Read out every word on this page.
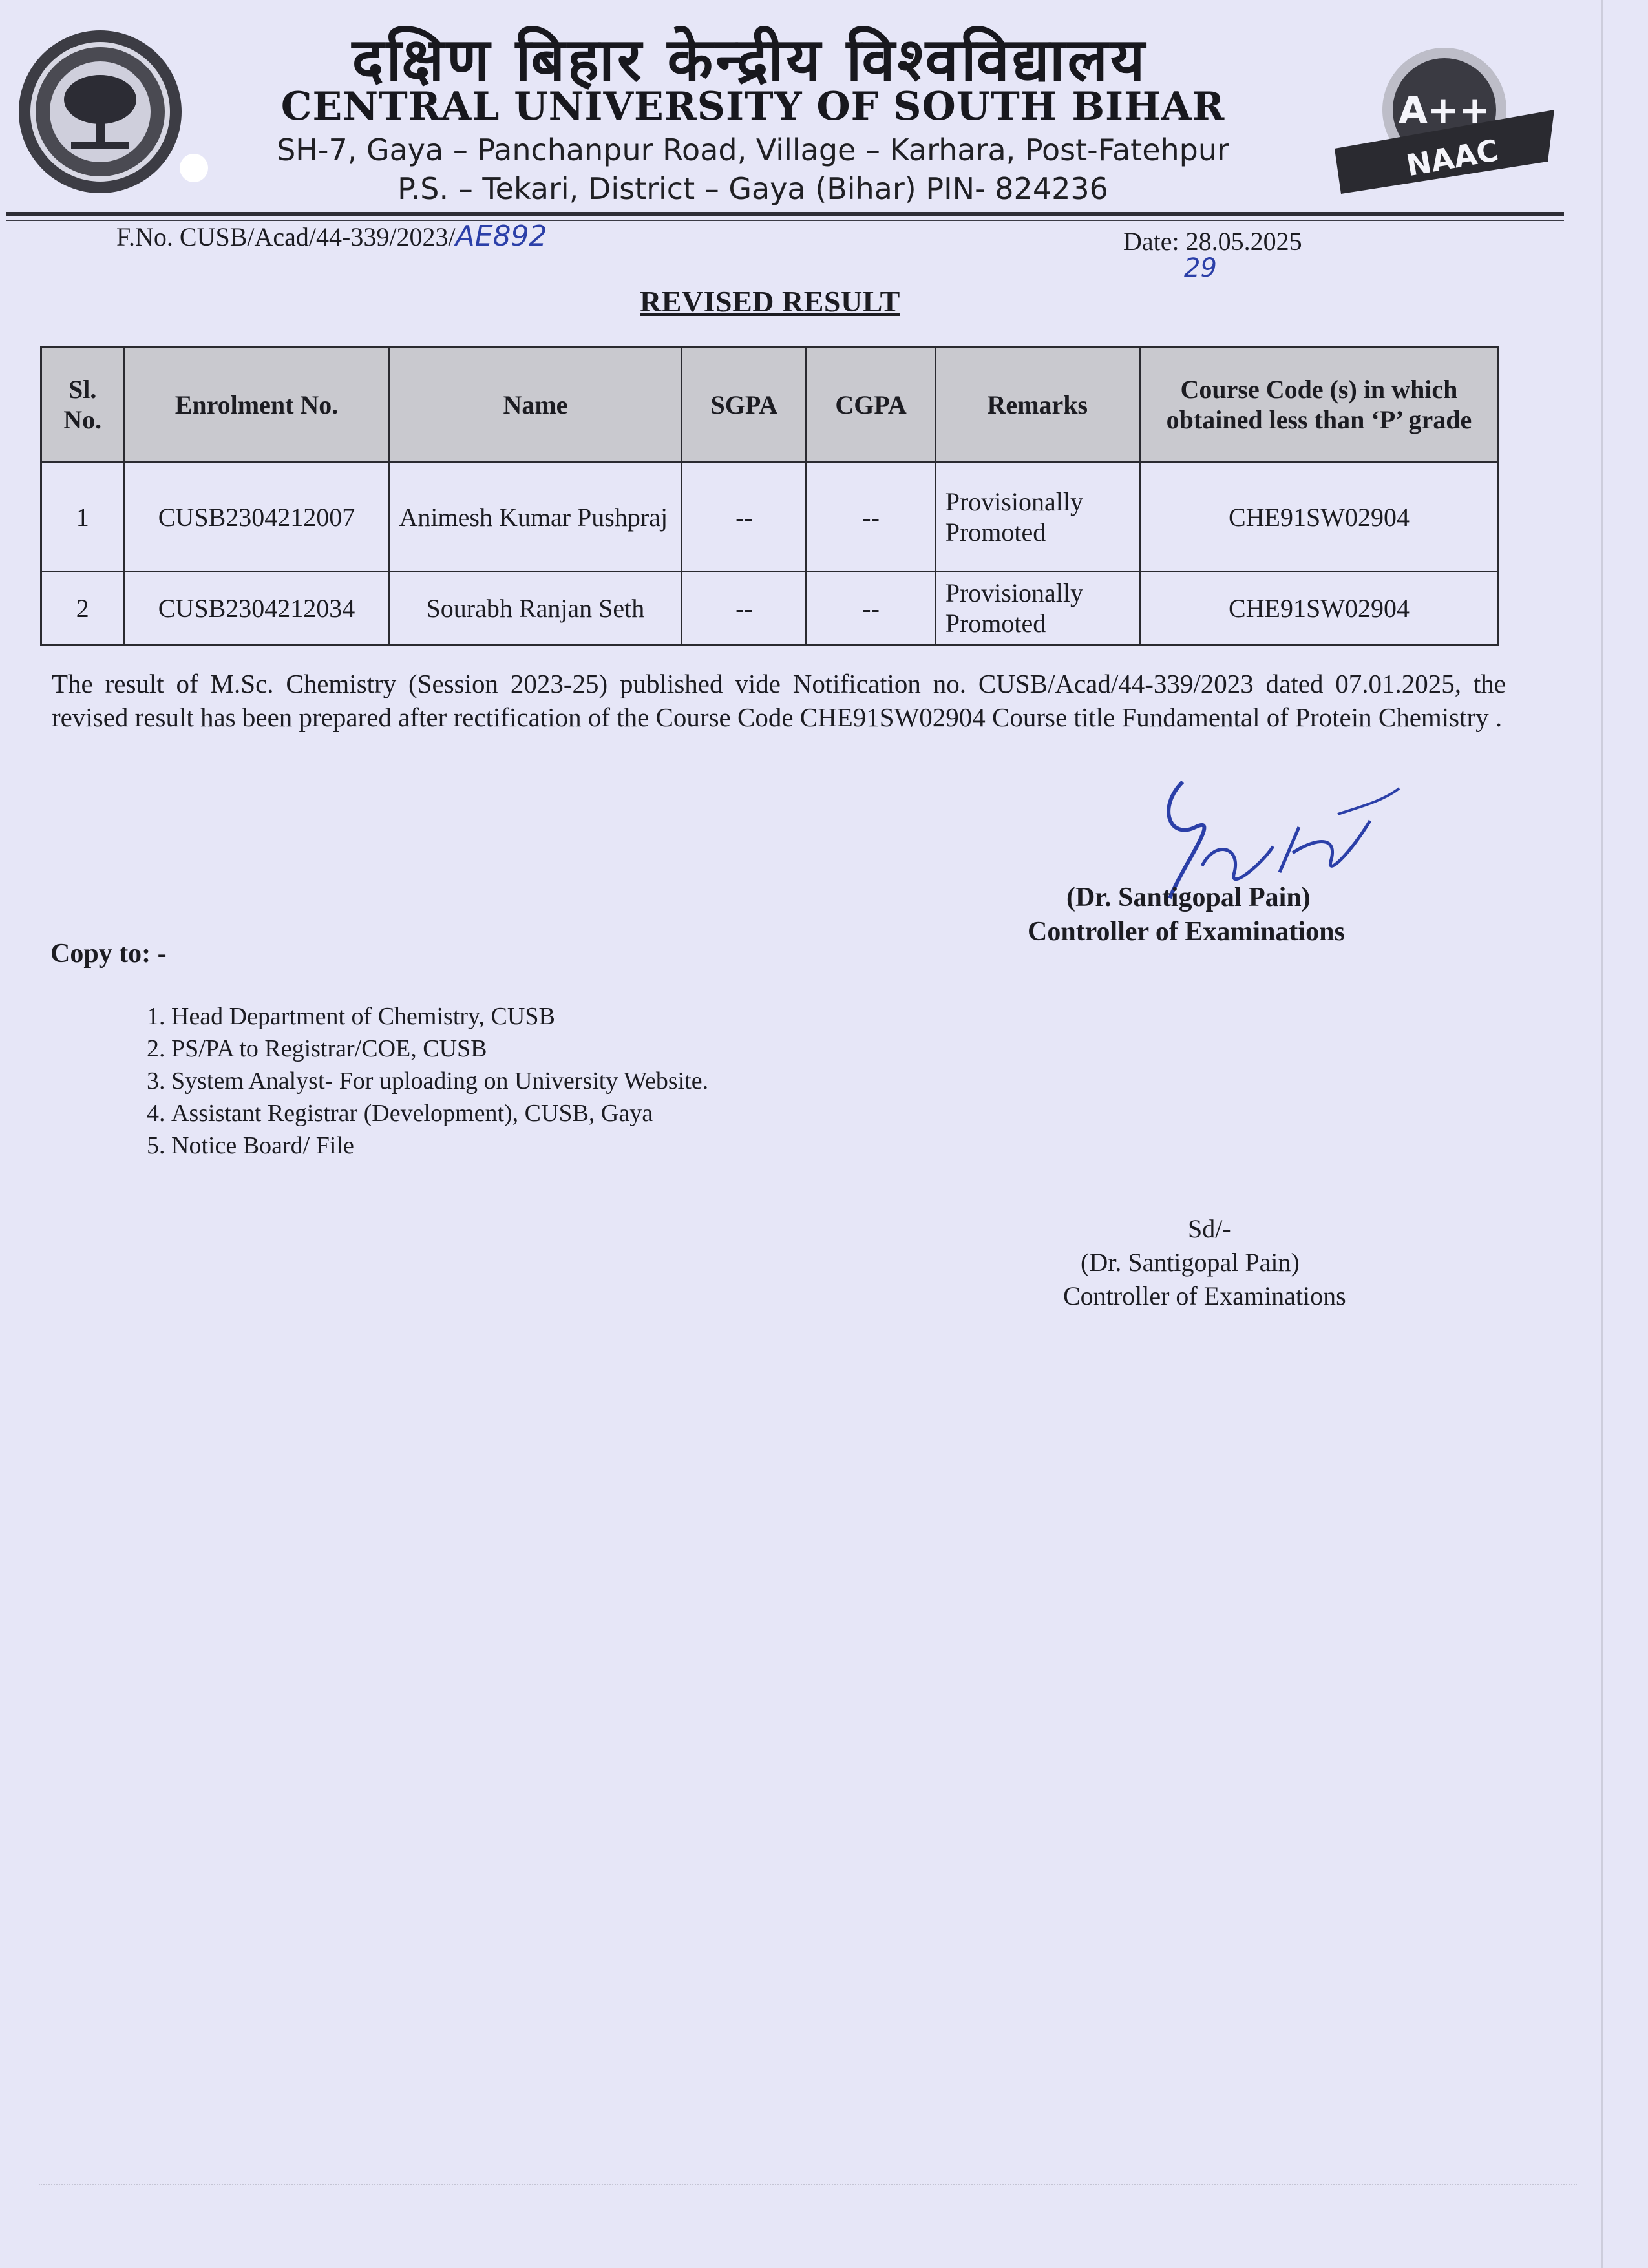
दक्षिण बिहार केन्द्रीय विश्वविद्यालय
CENTRAL UNIVERSITY OF SOUTH BIHAR
SH-7, Gaya – Panchanpur Road, Village – Karhara, Post-Fatehpur
P.S. – Tekari, District – Gaya (Bihar) PIN- 824236
A++
NAAC
F.No. CUSB/Acad/44-339/2023/AE892	Date: 28.05.2025
29
REVISED RESULT
Sl. No.	Enrolment No.	Name	SGPA	CGPA	Remarks	Course Code (s) in which obtained less than ‘P’ grade
1	CUSB2304212007	Animesh Kumar Pushpraj	--	--	Provisionally Promoted	CHE91SW02904
2	CUSB2304212034	Sourabh Ranjan Seth	--	--	Provisionally Promoted	CHE91SW02904
The result of M.Sc. Chemistry (Session 2023-25) published vide Notification no. CUSB/Acad/44-339/2023 dated 07.01.2025, the revised result has been prepared after rectification of the Course Code CHE91SW02904 Course title Fundamental of Protein Chemistry .
(Dr. Santigopal Pain)
Controller of Examinations
Copy to: -
1. Head Department of Chemistry, CUSB
2. PS/PA to Registrar/COE, CUSB
3. System Analyst- For uploading on University Website.
4. Assistant Registrar (Development), CUSB, Gaya
5. Notice Board/ File
Sd/-
(Dr. Santigopal Pain)
Controller of Examinations
